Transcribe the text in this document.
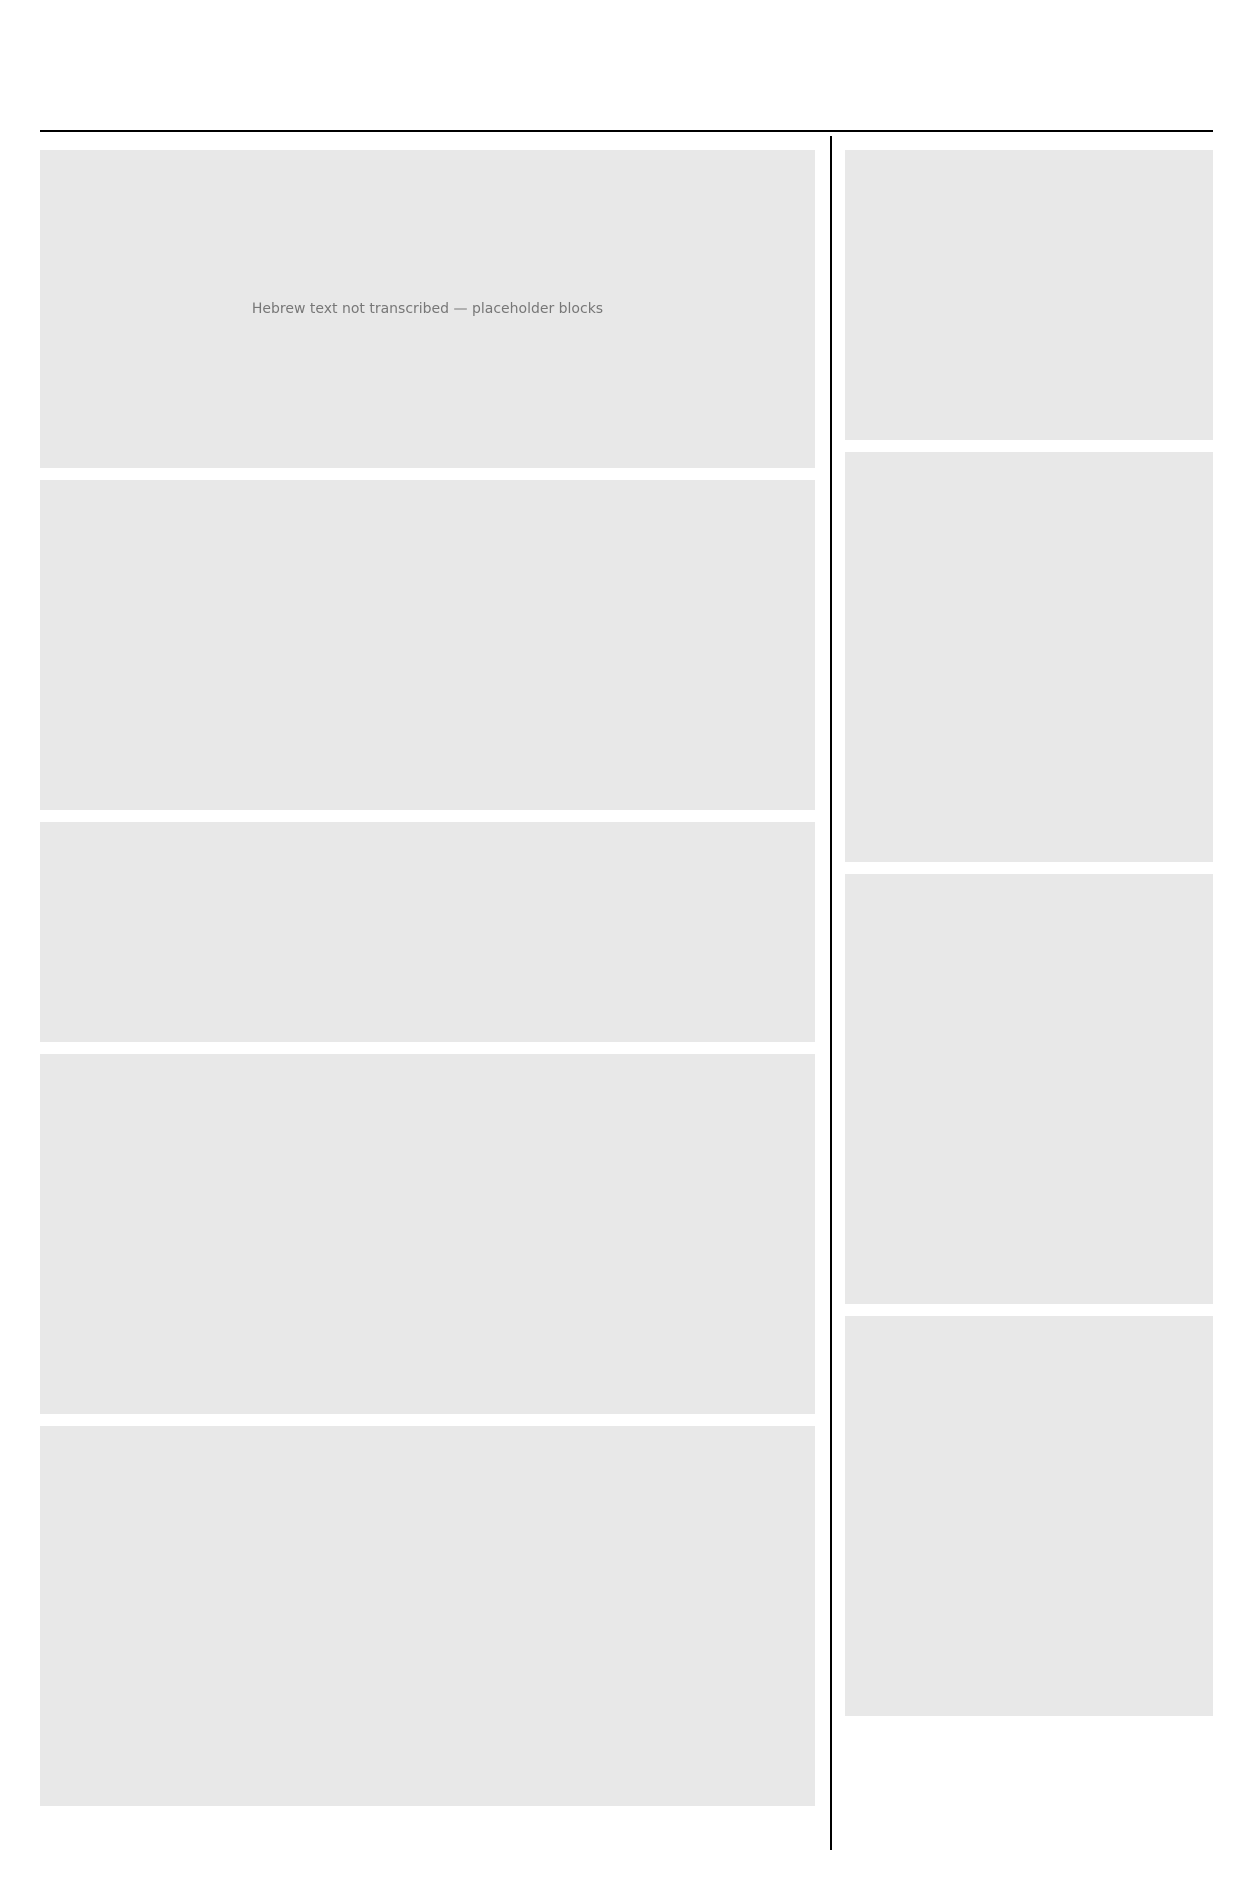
Hebrew text not transcribed — placeholder blocks
